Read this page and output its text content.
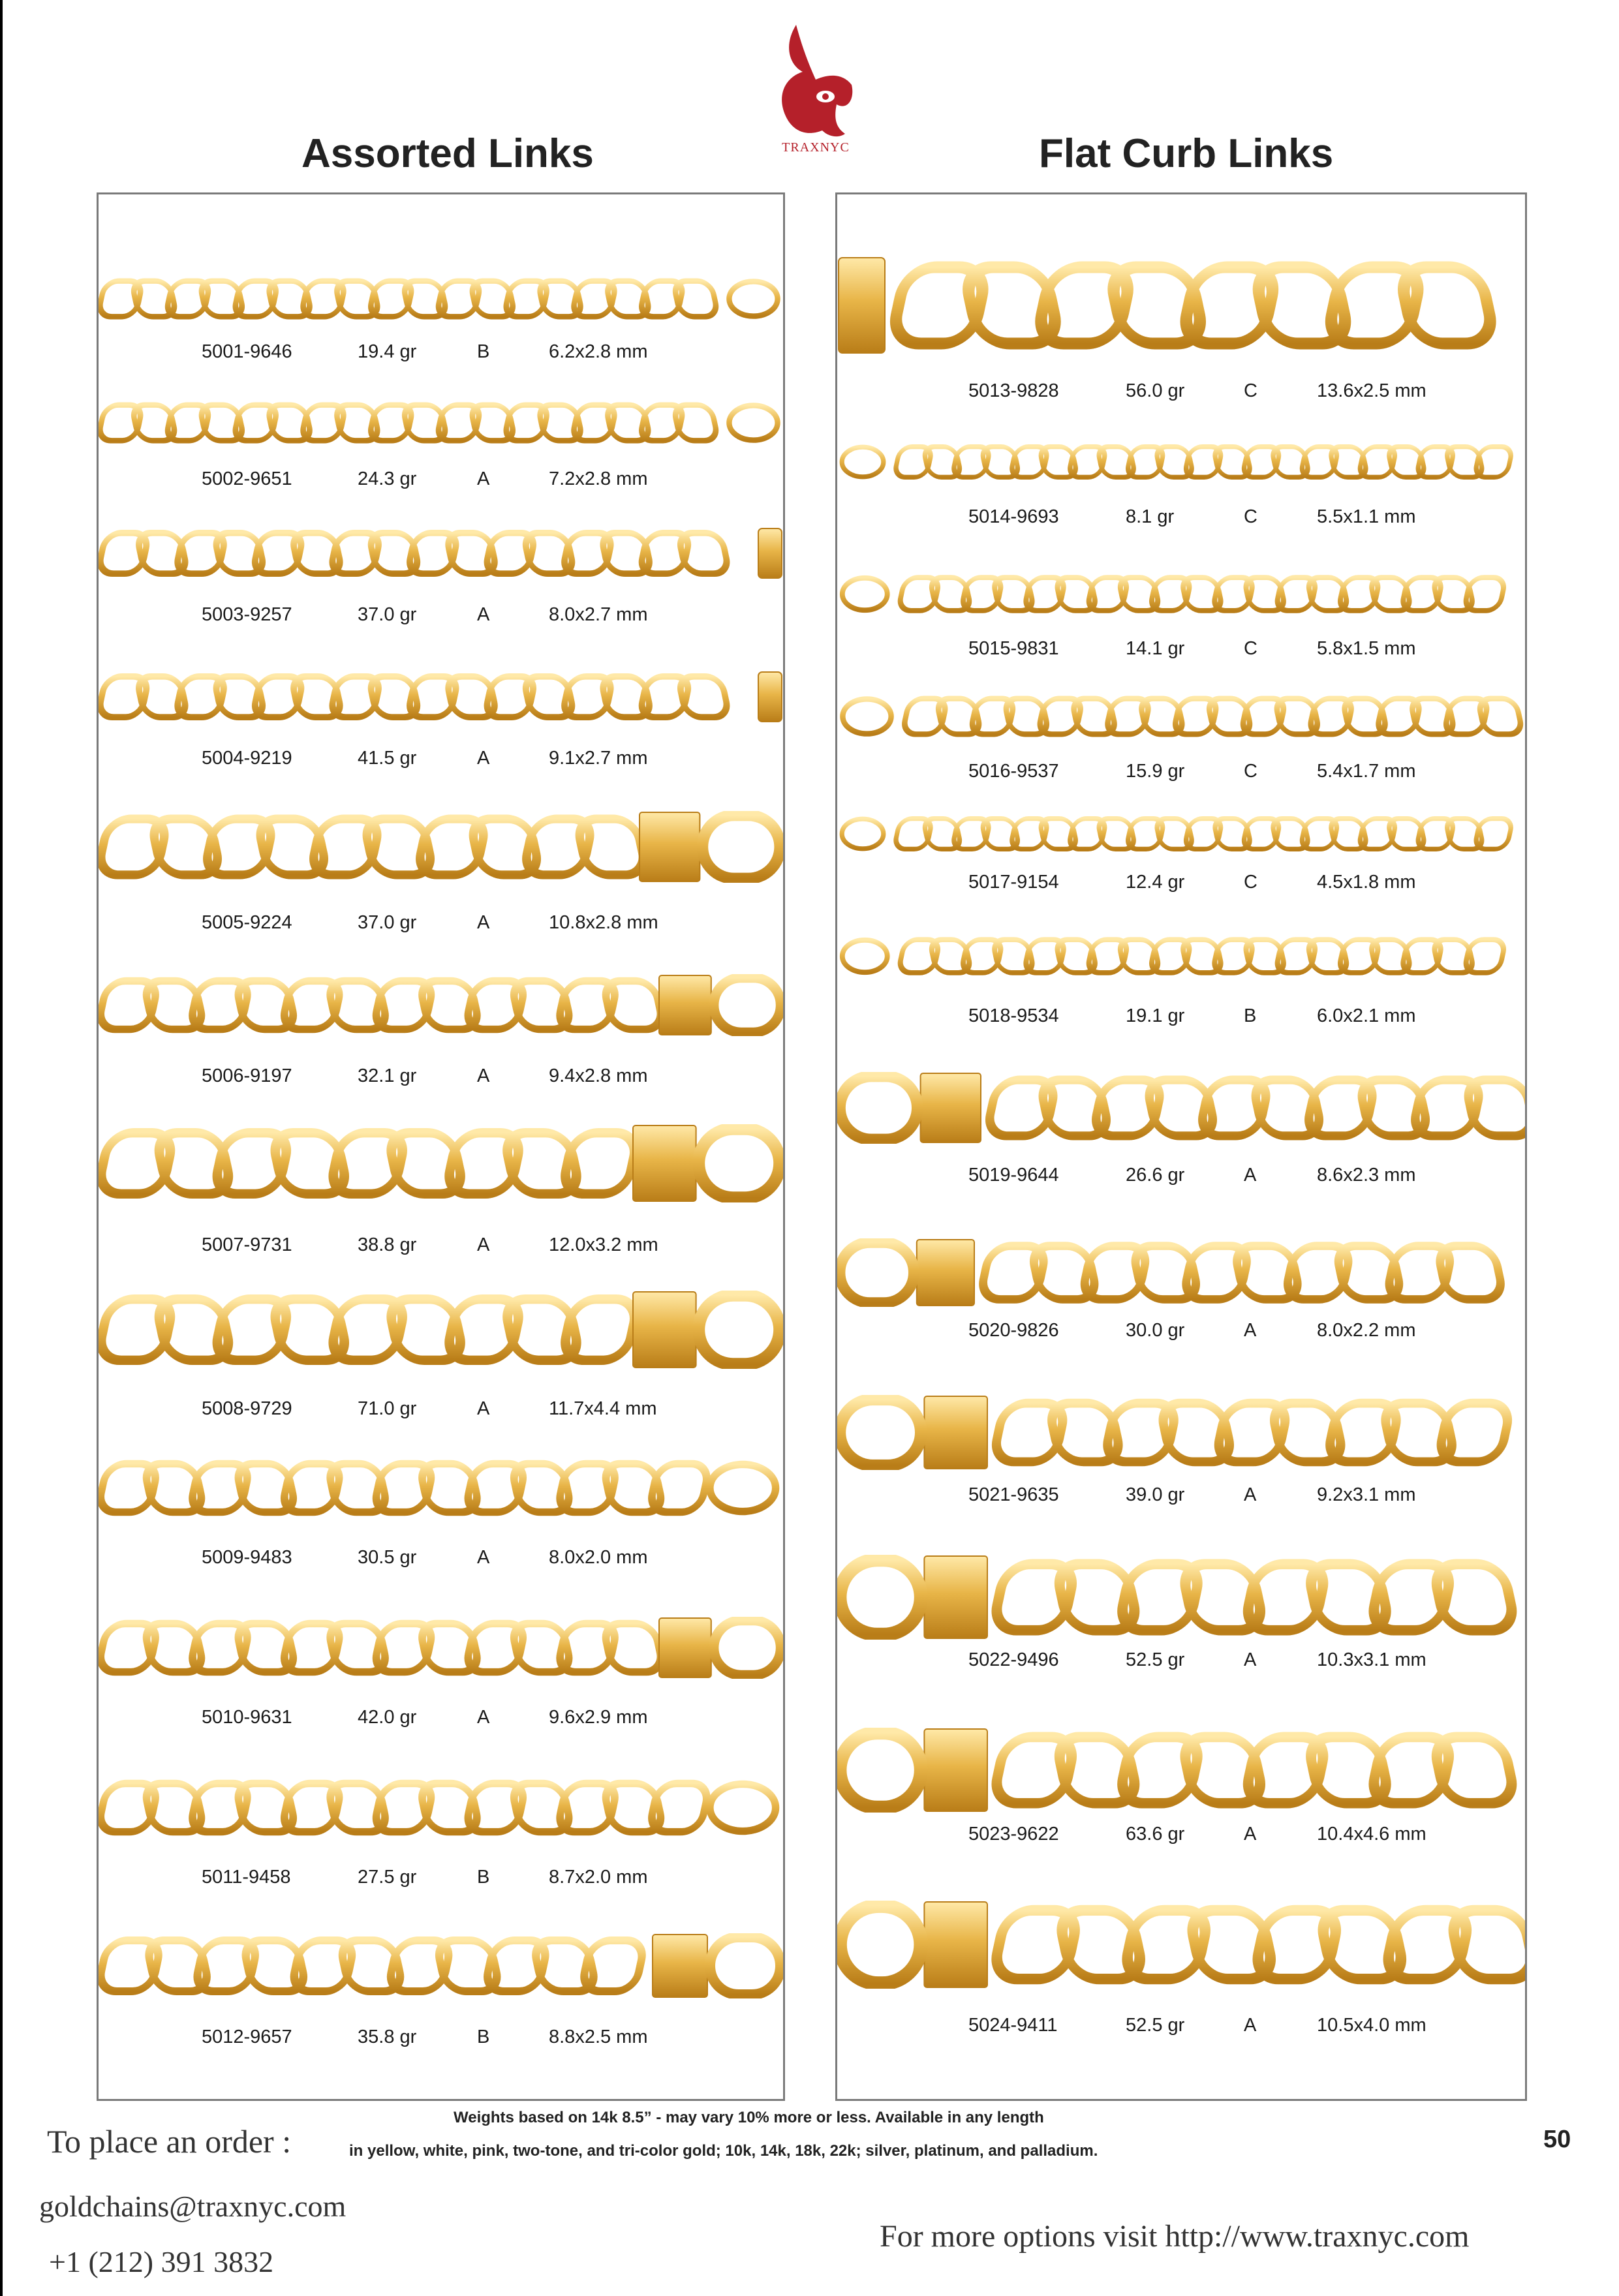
TRAXNYC
Assorted Links	Flat Curb Links
5001-9646	19.4 gr	B	6.2x2.8 mm
5002-9651	24.3 gr	A	7.2x2.8 mm
5003-9257	37.0 gr	A	8.0x2.7 mm
5004-9219	41.5 gr	A	9.1x2.7 mm
5005-9224	37.0 gr	A	10.8x2.8 mm
5006-9197	32.1 gr	A	9.4x2.8 mm
5007-9731	38.8 gr	A	12.0x3.2 mm
5008-9729	71.0 gr	A	11.7x4.4 mm
5009-9483	30.5 gr	A	8.0x2.0 mm
5010-9631	42.0 gr	A	9.6x2.9 mm
5011-9458	27.5 gr	B	8.7x2.0 mm
5012-9657	35.8 gr	B	8.8x2.5 mm
5013-9828	56.0 gr	C	13.6x2.5 mm
5014-9693	8.1 gr	C	5.5x1.1 mm
5015-9831	14.1 gr	C	5.8x1.5 mm
5016-9537	15.9 gr	C	5.4x1.7 mm
5017-9154	12.4 gr	C	4.5x1.8 mm
5018-9534	19.1 gr	B	6.0x2.1 mm
5019-9644	26.6 gr	A	8.6x2.3 mm
5020-9826	30.0 gr	A	8.0x2.2 mm
5021-9635	39.0 gr	A	9.2x3.1 mm
5022-9496	52.5 gr	A	10.3x3.1 mm
5023-9622	63.6 gr	A	10.4x4.6 mm
5024-9411	52.5 gr	A	10.5x4.0 mm
To place an order :
Weights based on 14k 8.5” - may vary 10% more or less. Available in any length
in yellow, white, pink, two-tone, and tri-color gold; 10k, 14k, 18k, 22k; silver, platinum, and palladium.	50
goldchains@traxnyc.com
+1 (212) 391 3832
For more options visit http://www.traxnyc.com
